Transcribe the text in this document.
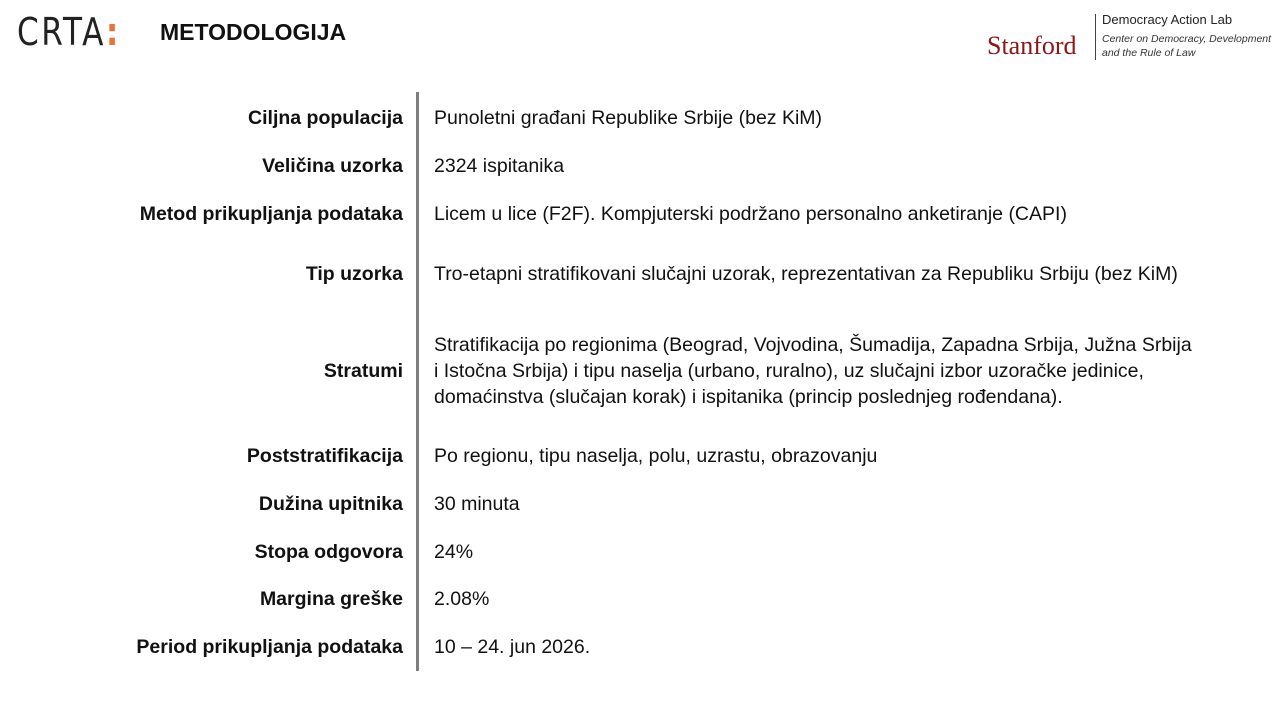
CRTA: METODOLOGIJA	Stanford
Democracy Action Lab
Center on Democracy, Development
and the Rule of Law
Ciljna populacija Punoletni građani Republike Srbije (bez KiM)
Veličina uzorka 2324 ispitanika
Metod prikupljanja podataka Licem u lice (F2F). Kompjuterski podržano personalno anketiranje (CAPI)
Tip uzorka Tro-etapni stratifikovani slučajni uzorak, reprezentativan za Republiku Srbiju (bez KiM)
Stratumi
Stratifikacija po regionima (Beograd, Vojvodina, Šumadija, Zapadna Srbija, Južna Srbija i Istočna Srbija) i tipu naselja (urbano, ruralno), uz slučajni izbor uzoračke jedinice, domaćinstva (slučajan korak) i ispitanika (princip poslednjeg rođendana).
Poststratifikacija Po regionu, tipu naselja, polu, uzrastu, obrazovanju
Dužina upitnika 30 minuta
Stopa odgovora 24%
Margina greške 2.08%
Period prikupljanja podataka 10 – 24. jun 2026.
